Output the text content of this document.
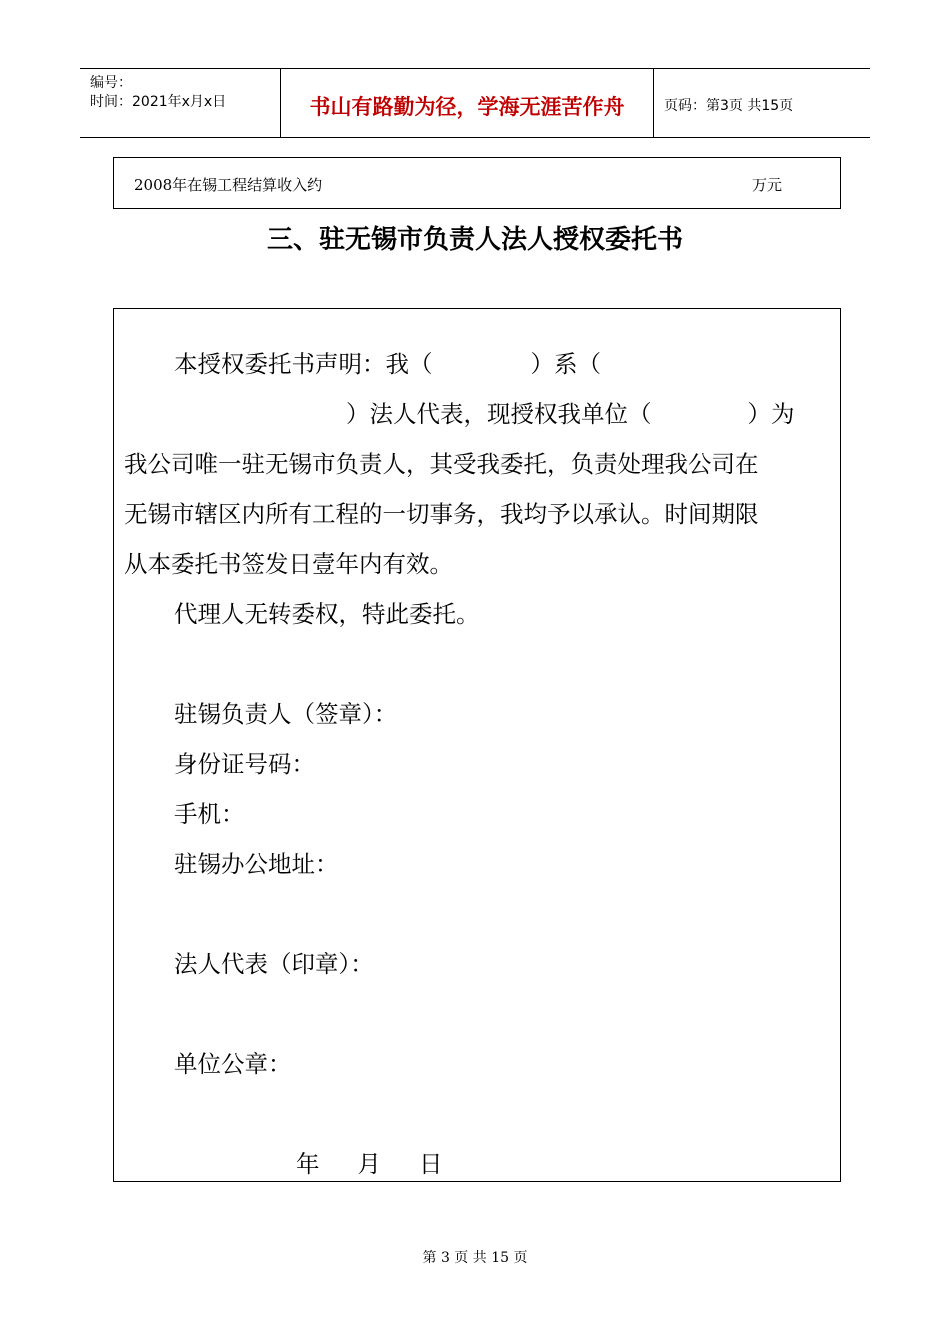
编号：
时间：2021年x月x日	书山有路勤为径，学海无涯苦作舟	页码：第3页 共15页
2008年在锡工程结算收入约	万元
三、驻无锡市负责人法人授权委托书
本授权委托书声明：我（	）系（
）法人代表，现授权我单位（	）为
我公司唯一驻无锡市负责人，其受我委托，负责处理我公司在
无锡市辖区内所有工程的一切事务，我均予以承认。时间期限
从本委托书签发日壹年内有效。
代理人无转委权，特此委托。
驻锡负责人（签章）：
身份证号码：
手机：
驻锡办公地址：
法人代表（印章）：
单位公章：
年 月 日
第 3 页 共 15 页
